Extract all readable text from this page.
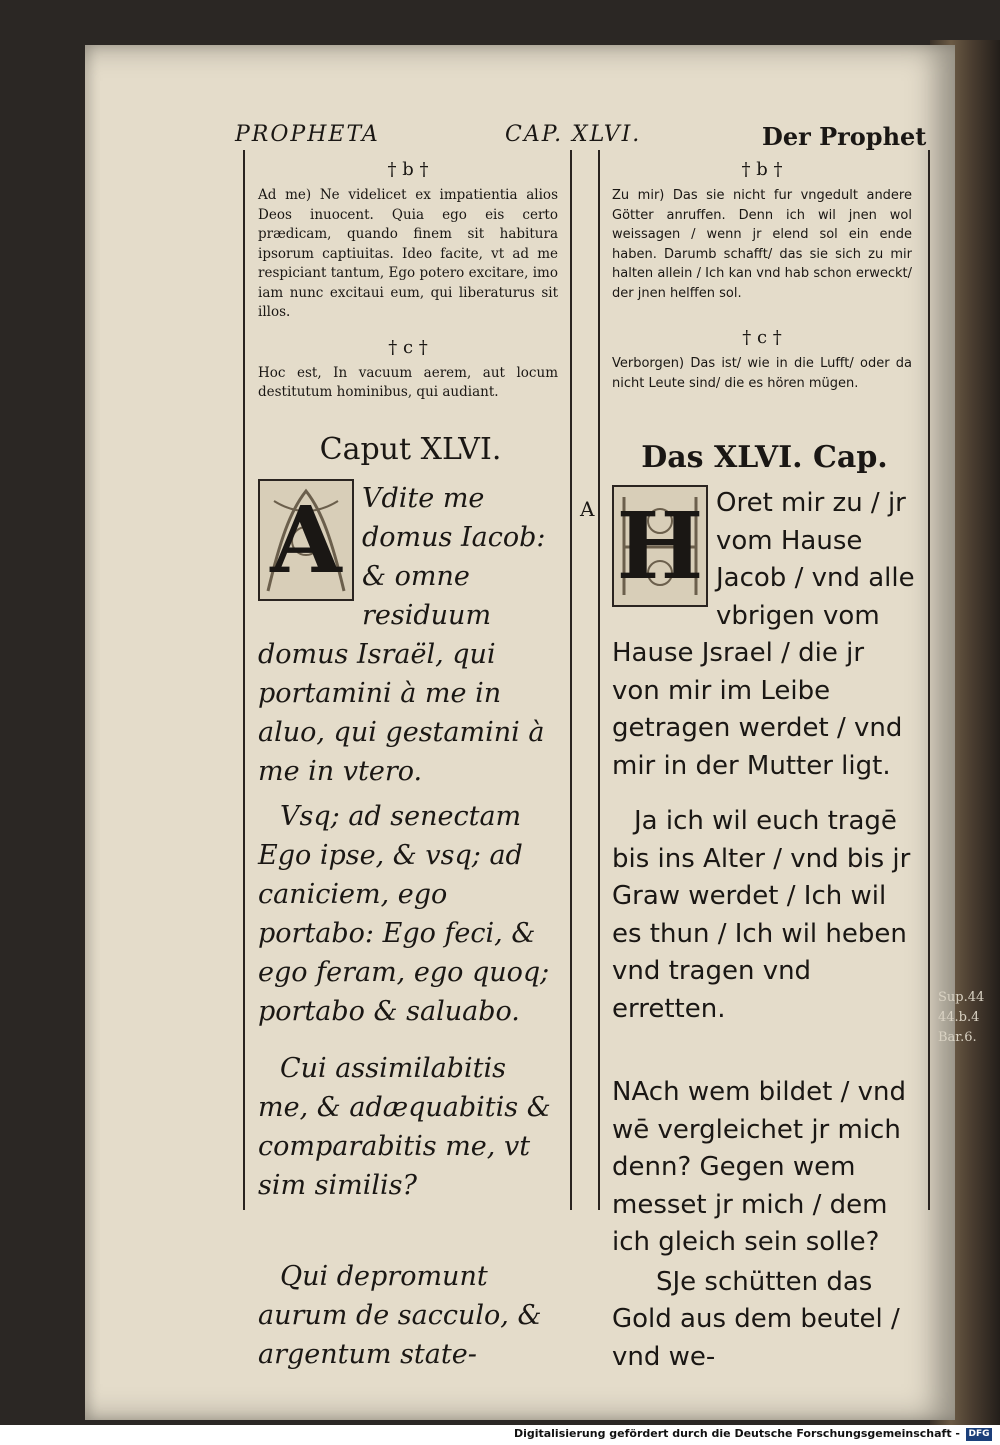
PROPHETA	CAP. XLVI.	Der Prophet
† b †

Ad me) Ne videlicet ex impatientia alios Deos inuocent. Quia ego eis certo prædicam, quando finem sit habitura ipsorum captiuitas. Ideo facite, vt ad me respiciant tantum, Ego potero excitare, imo iam nunc excitaui eum, qui liberaturus sit illos.

† c †

Hoc est, In vacuum aerem, aut locum destitutum hominibus, qui audiant.

Caput XLVI.

A Vdite me domus Iacob: & omne residuum domus Israël, qui portamini à me in aluo, qui gestamini à me in vtero.

Vsq; ad senectam Ego ipse, & vsq; ad caniciem, ego portabo: Ego feci, & ego feram, ego quoq; portabo & saluabo.

Cui assimilabitis me, & adæquabitis & comparabitis me, vt sim similis?

Qui depromunt aurum de sacculo, & argentum state-

A
† b †

Zu mir) Das sie nicht fur vngedult andere Götter anruffen. Denn ich wil jnen wol weissagen / wenn jr elend sol ein ende haben. Darumb schafft/ das sie sich zu mir halten allein / Ich kan vnd hab schon erweckt/ der jnen helffen sol.

† c †

Verborgen) Das ist/ wie in die Lufft/ oder da nicht Leute sind/ die es hören mügen.

Das XLVI. Cap.

H Oret mir zu / jr vom Hause Jacob / vnd alle vbrigen vom Hause Jsrael / die jr von mir im Leibe getragen werdet / vnd mir in der Mutter ligt.

Ja ich wil euch tragē bis ins Alter / vnd bis jr Graw werdet / Ich wil es thun / Ich wil heben vnd tragen vnd erretten.

NAch wem bildet / vnd wē vergleichet jr mich denn? Gegen wem messet jr mich / dem ich gleich sein solle?

SJe schütten das Gold aus dem beutel / vnd we-

Sup.44
44.b.4
Bar.6.
Digitalisierung gefördert durch die Deutsche Forschungsgemeinschaft - DFG
